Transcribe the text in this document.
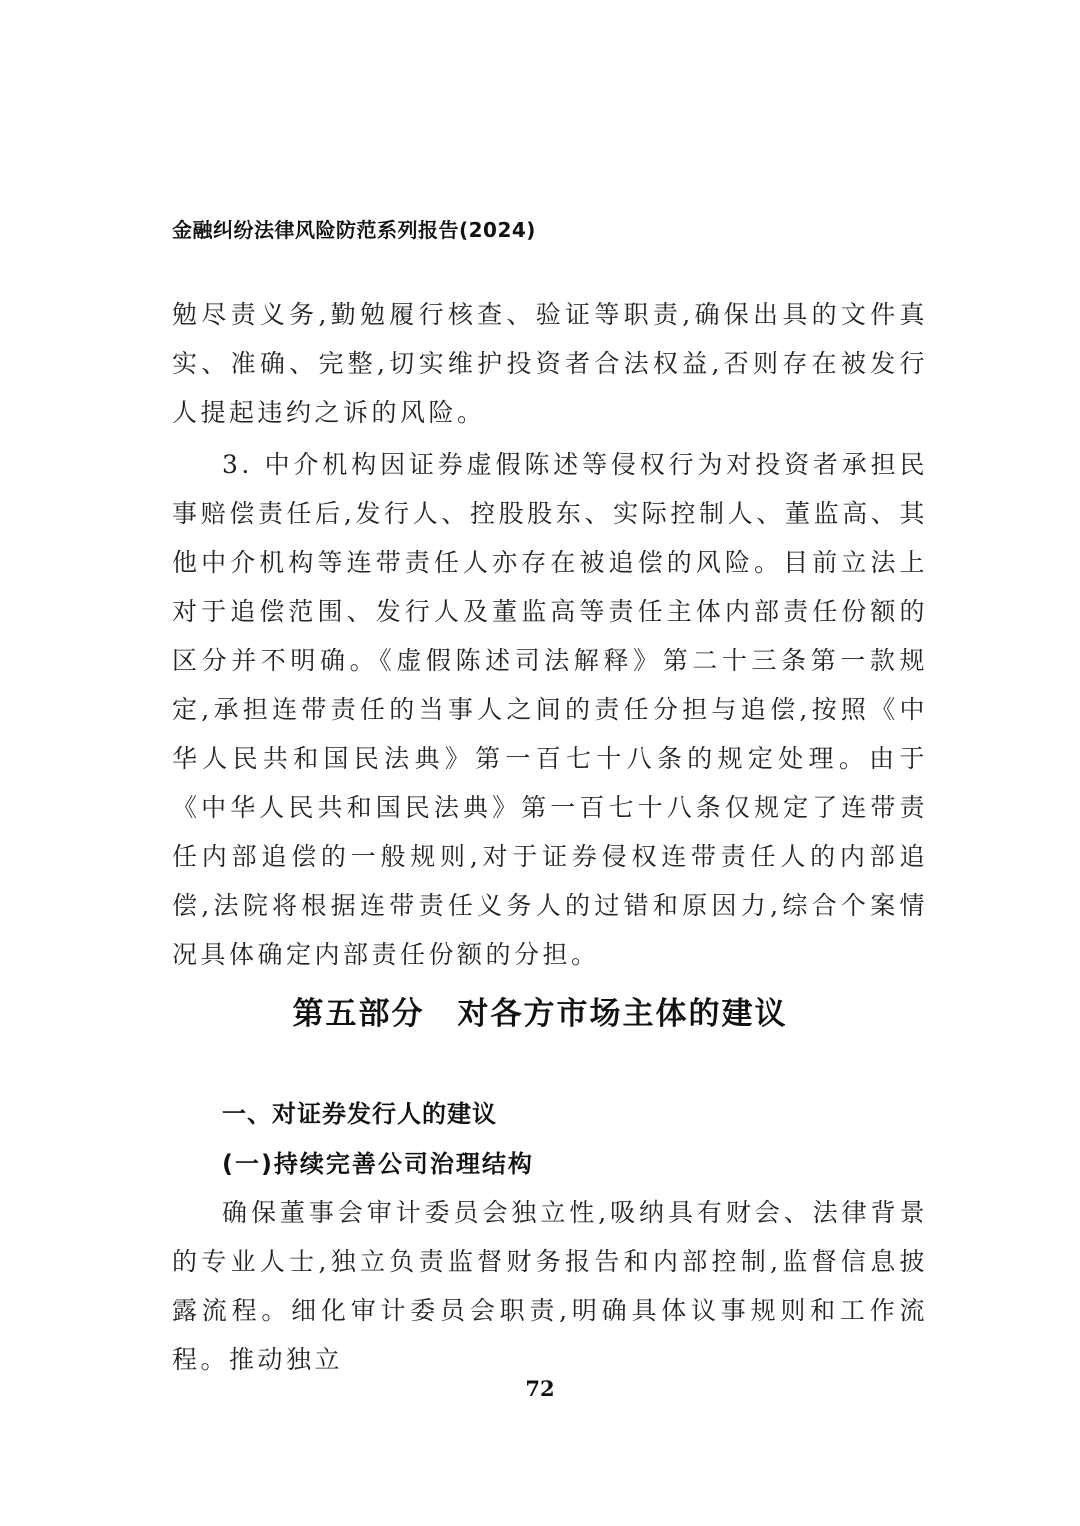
金融纠纷法律风险防范系列报告(2024)

勉尽责义务,勤勉履行核查、验证等职责,确保出具的文件真实、准确、完整,切实维护投资者合法权益,否则存在被发行人提起违约之诉的风险。

3. 中介机构因证券虚假陈述等侵权行为对投资者承担民事赔偿责任后,发行人、控股股东、实际控制人、董监高、其他中介机构等连带责任人亦存在被追偿的风险。目前立法上对于追偿范围、发行人及董监高等责任主体内部责任份额的区分并不明确。《虚假陈述司法解释》第二十三条第一款规定,承担连带责任的当事人之间的责任分担与追偿,按照《中华人民共和国民法典》第一百七十八条的规定处理。由于《中华人民共和国民法典》第一百七十八条仅规定了连带责任内部追偿的一般规则,对于证券侵权连带责任人的内部追偿,法院将根据连带责任义务人的过错和原因力,综合个案情况具体确定内部责任份额的分担。

第五部分　对各方市场主体的建议
一、对证券发行人的建议
(一)持续完善公司治理结构

确保董事会审计委员会独立性,吸纳具有财会、法律背景的专业人士,独立负责监督财务报告和内部控制,监督信息披露流程。细化审计委员会职责,明确具体议事规则和工作流程。推动独立

72
